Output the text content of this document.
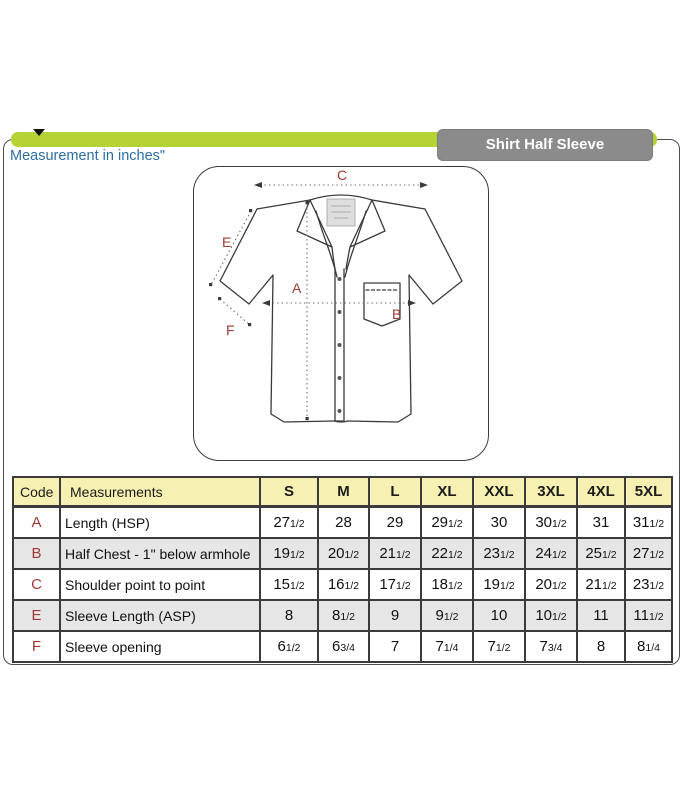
Shirt Half Sleeve
Measurement in inches"
C
E
A
B
F
Code	Measurements	S	M	L	XL	XXL	3XL	4XL	5XL
A	Length (HSP)	271/2	28	29	291/2	30	301/2	31	311/2
B	Half Chest - 1" below armhole	191/2	201/2	211/2	221/2	231/2	241/2	251/2	271/2
C	Shoulder point to point	151/2	161/2	171/2	181/2	191/2	201/2	211/2	231/2
E	Sleeve Length (ASP)	8	81/2	9	91/2	10	101/2	11	111/2
F	Sleeve opening	61/2	63/4	7	71/4	71/2	73/4	8	81/4
